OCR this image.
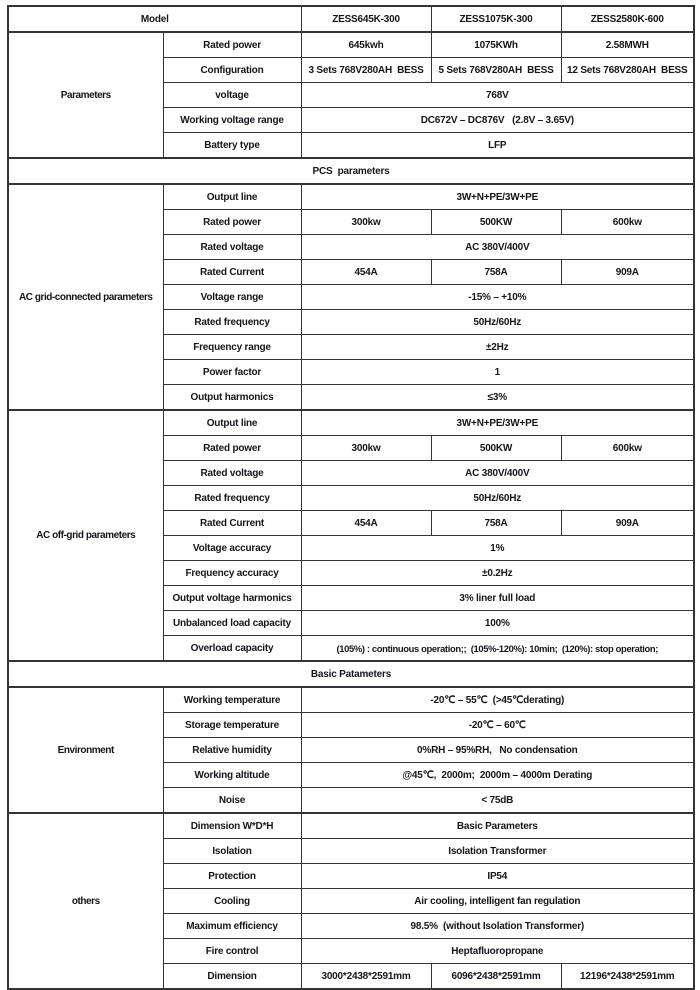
Model		ZESS645K-300	ZESS1075K-300	ZESS2580K-600
Parameters	Rated power	645kwh	1075KWh	2.58MWH
	Configuration	3 Sets 768V280AH  BESS	5 Sets 768V280AH  BESS	12 Sets 768V280AH  BESS
	voltage	768V		
	Working voltage range	DC672V – DC876V   (2.8V – 3.65V)		
	Battery type	LFP		
PCS  parameters				
AC grid-connected parameters	Output line	3W+N+PE/3W+PE		
	Rated power	300kw	500KW	600kw
	Rated voltage	AC 380V/400V		
	Rated Current	454A	758A	909A
	Voltage range	-15% – +10%		
	Rated frequency	50Hz/60Hz		
	Frequency range	±2Hz		
	Power factor	1		
	Output harmonics	≤3%		
AC off-grid parameters	Output line	3W+N+PE/3W+PE		
	Rated power	300kw	500KW	600kw
	Rated voltage	AC 380V/400V		
	Rated frequency	50Hz/60Hz		
	Rated Current	454A	758A	909A
	Voltage accuracy	1%		
	Frequency accuracy	±0.2Hz		
	Output voltage harmonics	3% liner full load		
	Unbalanced load capacity	100%		
	Overload capacity	(105%) : continuous operation;;  (105%-120%): 10min;  (120%): stop operation;		
Basic Patameters				
Environment	Working temperature	-20℃ – 55℃  (>45℃derating)		
	Storage temperature	-20℃ – 60℃		
	Relative humidity	0%RH – 95%RH,   No condensation		
	Working altitude	@45℃,  2000m;  2000m – 4000m Derating		
	Noise	< 75dB		
others	Dimension W*D*H	Basic Parameters		
	Isolation	Isolation Transformer		
	Protection	IP54		
	Cooling	Air cooling, intelligent fan regulation		
	Maximum efficiency	98.5%  (without Isolation Transformer)		
	Fire control	Heptafluoropropane		
	Dimension	3000*2438*2591mm	6096*2438*2591mm	12196*2438*2591mm
